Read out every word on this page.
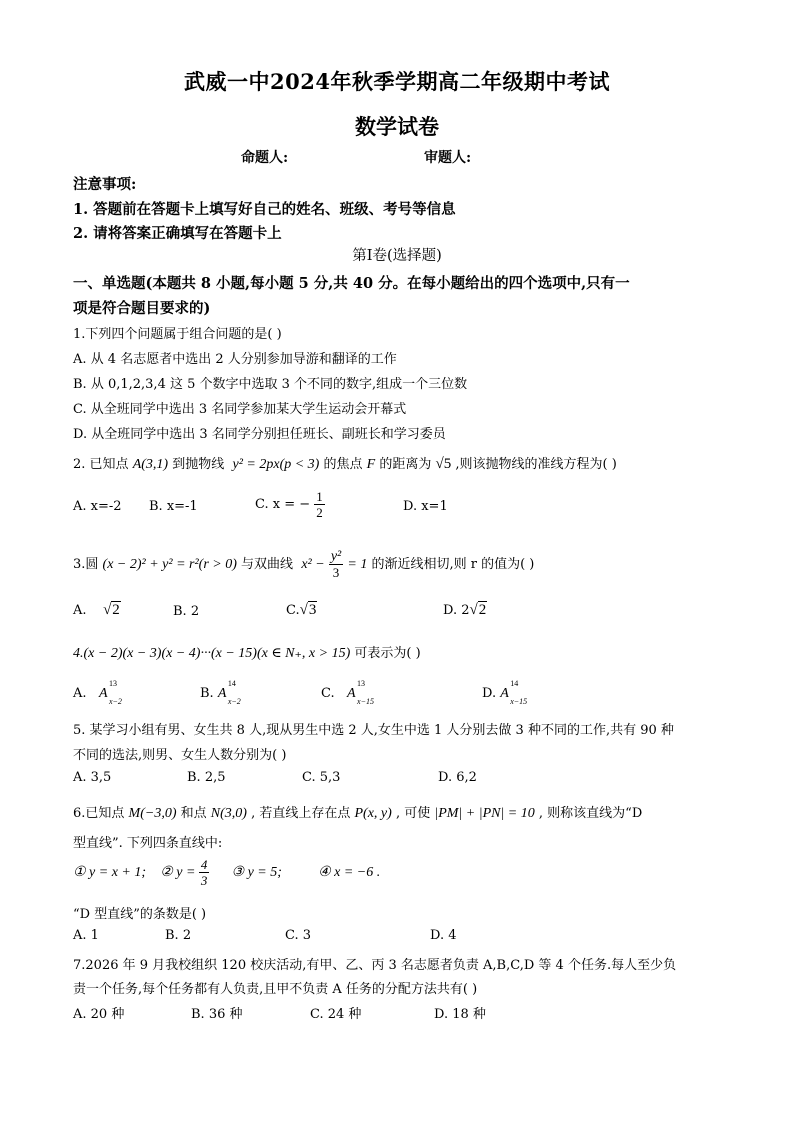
武威一中2024年秋季学期高二年级期中考试
数学试卷
命题人:	审题人:
注意事项:
1. 答题前在答题卡上填写好自己的姓名、班级、考号等信息
2. 请将答案正确填写在答题卡上
第Ⅰ卷(选择题)
一、单选题(本题共 8 小题,每小题 5 分,共 40 分。在每小题给出的四个选项中,只有一
项是符合题目要求的)
1.下列四个问题属于组合问题的是( )
A. 从 4 名志愿者中选出 2 人分别参加导游和翻译的工作
B. 从 0,1,2,3,4 这 5 个数字中选取 3 个不同的数字,组成一个三位数
C. 从全班同学中选出 3 名同学参加某大学生运动会开幕式
D. 从全班同学中选出 3 名同学分别担任班长、副班长和学习委员
2. 已知点 A(3,1) 到抛物线 y² = 2px(p < 3) 的焦点 F 的距离为 √5 ,则该抛物线的准线方程为( )
A. x=-2 B. x=-1	C. x = − $\frac{1}{2}$	D. x=1
3.圆 (x − 2)² + y² = r²(r > 0) 与双曲线 $x^2 - \frac{\text{y²}}{3} = 1$ 的渐近线相切,则 r 的值为( )
A. √2	B. 2	C.√3	D. 2√2
4.(x − 2)(x − 3)(x − 4)···(x − 15)(x ∈ N₊, x > 15) 可表示为( )
A. A
13
x−2
B. A
14
x−2
C. A
13
x−15
D. A
14
x−15
5. 某学习小组有男、女生共 8 人,现从男生中选 2 人,女生中选 1 人分别去做 3 种不同的工作,共有 90 种
不同的选法,则男、女生人数分别为( )
A. 3,5	B. 2,5	C. 5,3	D. 6,2
6.已知点 M(−3,0) 和点 N(3,0) , 若直线上存在点 P(x, y) , 可使 |PM| + |PN| = 10 , 则称该直线为“D
型直线”. 下列四条直线中:
① y = x + 1; ② $y = \frac{4}{3}$ ③ y = 5;	④ x = −6 .
“D 型直线”的条数是( )
A. 1	B. 2	C. 3	D. 4
7.2026 年 9 月我校组织 120 校庆活动,有甲、乙、丙 3 名志愿者负责 A,B,C,D 等 4 个任务.每人至少负
责一个任务,每个任务都有人负责,且甲不负责 A 任务的分配方法共有( )
A. 20 种	B. 36 种	C. 24 种	D. 18 种
